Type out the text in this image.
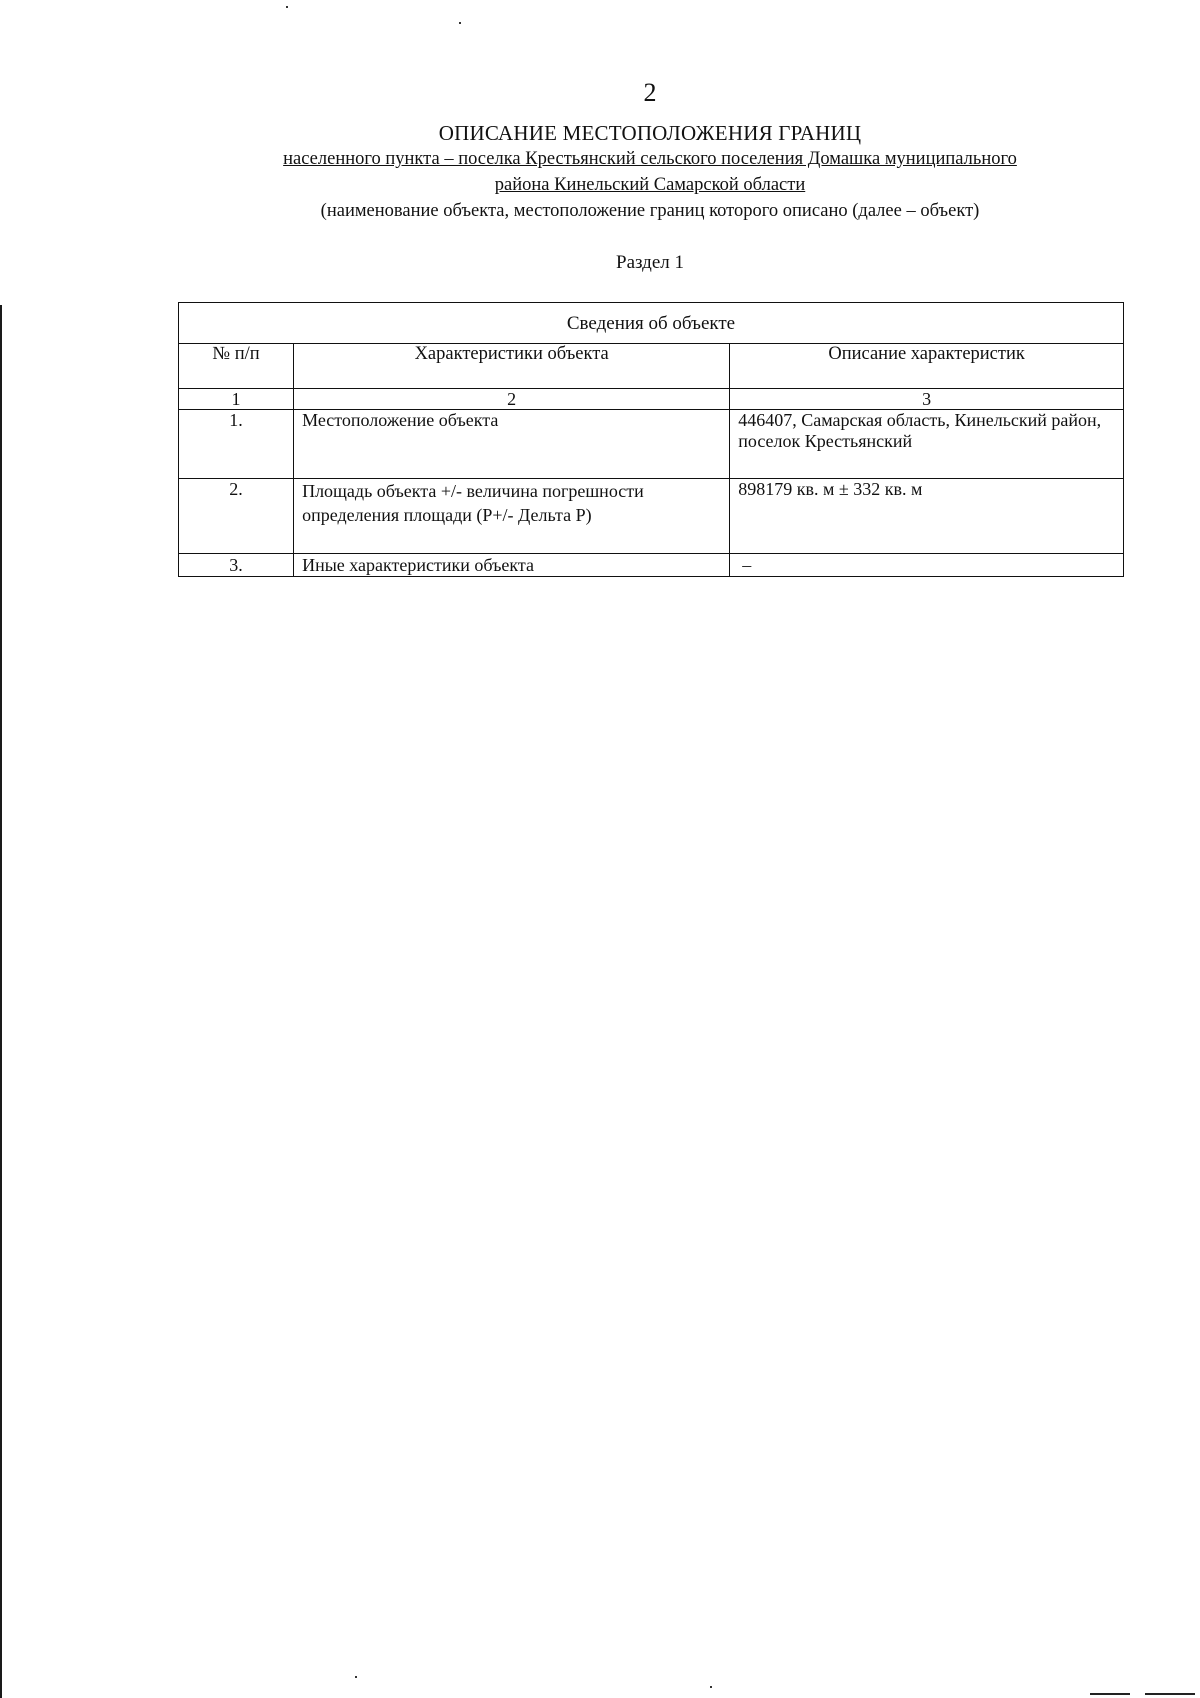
2
ОПИСАНИЕ МЕСТОПОЛОЖЕНИЯ ГРАНИЦ
населенного пункта – поселка Крестьянский сельского поселения Домашка муниципального
района Кинельский Самарской области
(наименование объекта, местоположение границ которого описано (далее – объект)
Раздел 1
Сведения об объекте		
№ п/п	Характеристики объекта	Описание характеристик
1	2	3
1.	Местоположение объекта	446407, Самарская область, Кинельский район, поселок Крестьянский
2.	Площадь объекта +/- величина погрешности определения площади (Р+/- Дельта Р)	898179 кв. м ± 332 кв. м
3.	Иные характеристики объекта	–
